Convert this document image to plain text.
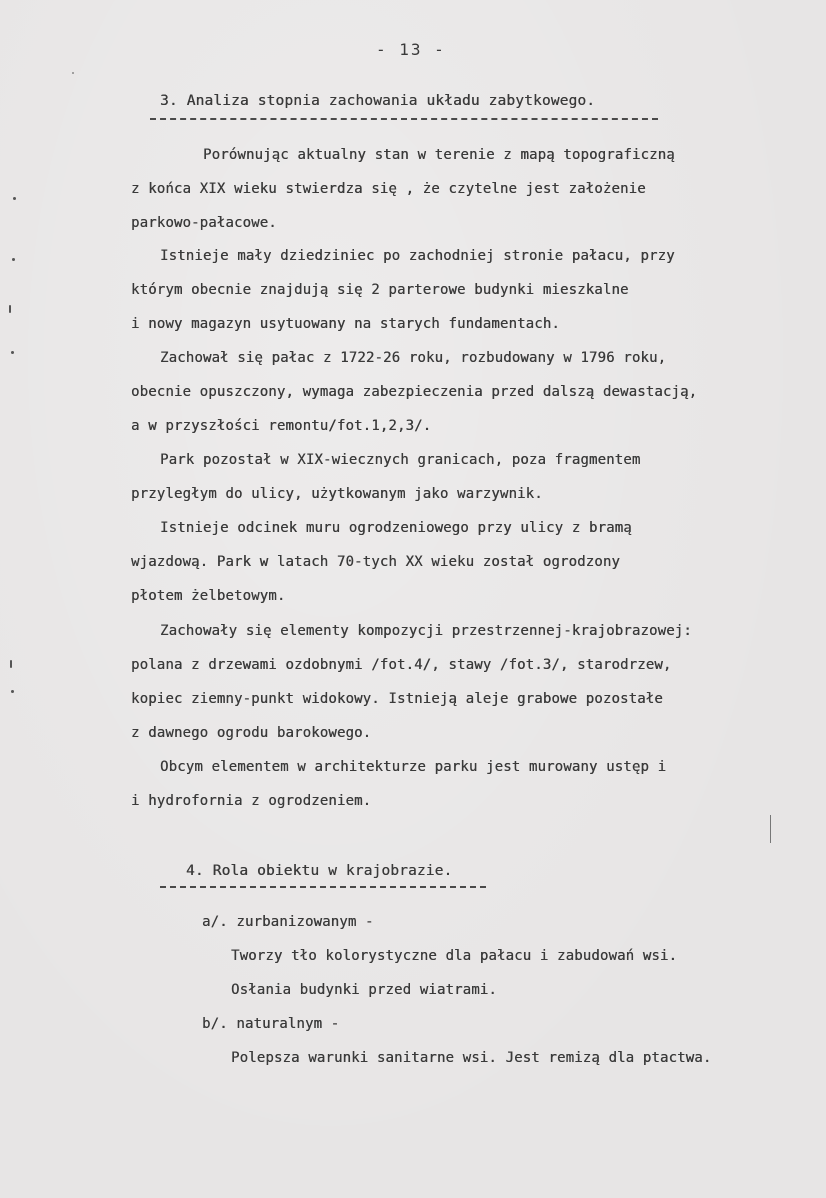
- 13 -
3. Analiza stopnia zachowania układu zabytkowego.
Porównując aktualny stan w terenie z mapą topograficzną
z końca XIX wieku stwierdza się , że czytelne jest założenie
parkowo-pałacowe.
Istnieje mały dziedziniec po zachodniej stronie pałacu, przy
którym obecnie znajdują się 2 parterowe budynki mieszkalne
i nowy magazyn usytuowany na starych fundamentach.
Zachował się pałac z 1722-26 roku, rozbudowany w 1796 roku,
obecnie opuszczony, wymaga zabezpieczenia przed dalszą dewastacją,
a w przyszłości remontu/fot.1,2,3/.
Park pozostał w XIX-wiecznych granicach, poza fragmentem
przyległym do ulicy, użytkowanym jako warzywnik.
Istnieje odcinek muru ogrodzeniowego przy ulicy z bramą
wjazdową. Park w latach 70-tych XX wieku został ogrodzony
płotem żelbetowym.
Zachowały się elementy kompozycji przestrzennej-krajobrazowej:
polana z drzewami ozdobnymi /fot.4/, stawy /fot.3/, starodrzew,
kopiec ziemny-punkt widokowy. Istnieją aleje grabowe pozostałe
z dawnego ogrodu barokowego.
Obcym elementem w architekturze parku jest murowany ustęp i
i hydrofornia z ogrodzeniem.
4. Rola obiektu w krajobrazie.
a/. zurbanizowanym -
Tworzy tło kolorystyczne dla pałacu i zabudowań wsi.
Osłania budynki przed wiatrami.
b/. naturalnym -
Polepsza warunki sanitarne wsi. Jest remizą dla ptactwa.
